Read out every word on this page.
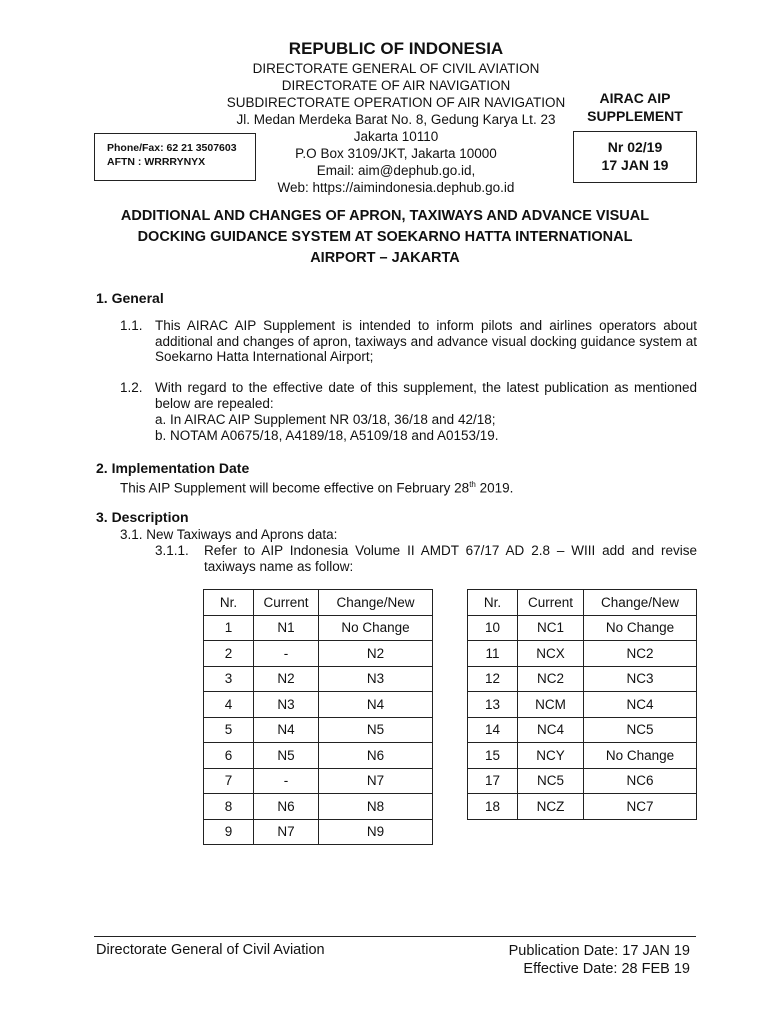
REPUBLIC OF INDONESIA
DIRECTORATE GENERAL OF CIVIL AVIATION
DIRECTORATE OF AIR NAVIGATION
SUBDIRECTORATE OPERATION OF AIR NAVIGATION
Jl. Medan Merdeka Barat No. 8, Gedung Karya Lt. 23
Jakarta 10110
P.O Box 3109/JKT, Jakarta 10000
Email: aim@dephub.go.id,
Web: https://aimindonesia.dephub.go.id
Phone/Fax: 62 21 3507603
AFTN : WRRRYNYX
AIRAC AIP
SUPPLEMENT
Nr 02/19
17 JAN 19
ADDITIONAL AND CHANGES OF APRON, TAXIWAYS AND ADVANCE VISUAL
DOCKING GUIDANCE SYSTEM AT SOEKARNO HATTA INTERNATIONAL
AIRPORT – JAKARTA
1. General
1.1. This AIRAC AIP Supplement is intended to inform pilots and airlines operators about additional and changes of apron, taxiways and advance visual docking guidance system at Soekarno Hatta International Airport;
1.2. With regard to the effective date of this supplement, the latest publication as mentioned below are repealed:
a. In AIRAC AIP Supplement NR 03/18, 36/18 and 42/18;
b. NOTAM A0675/18, A4189/18, A5109/18 and A0153/19.
2. Implementation Date
This AIP Supplement will become effective on February 28th 2019.
3. Description
3.1. New Taxiways and Aprons data:
3.1.1. Refer to AIP Indonesia Volume II AMDT 67/17 AD 2.8 – WIII add and revise taxiways name as follow:
Nr.	Current	Change/New
1	N1	No Change
2	-	N2
3	N2	N3
4	N3	N4
5	N4	N5
6	N5	N6
7	-	N7
8	N6	N8
9	N7	N9
Nr.	Current	Change/New
10	NC1	No Change
11	NCX	NC2
12	NC2	NC3
13	NCM	NC4
14	NC4	NC5
15	NCY	No Change
17	NC5	NC6
18	NCZ	NC7
Directorate General of Civil Aviation	Publication Date: 17 JAN 19
Effective Date: 28 FEB 19
